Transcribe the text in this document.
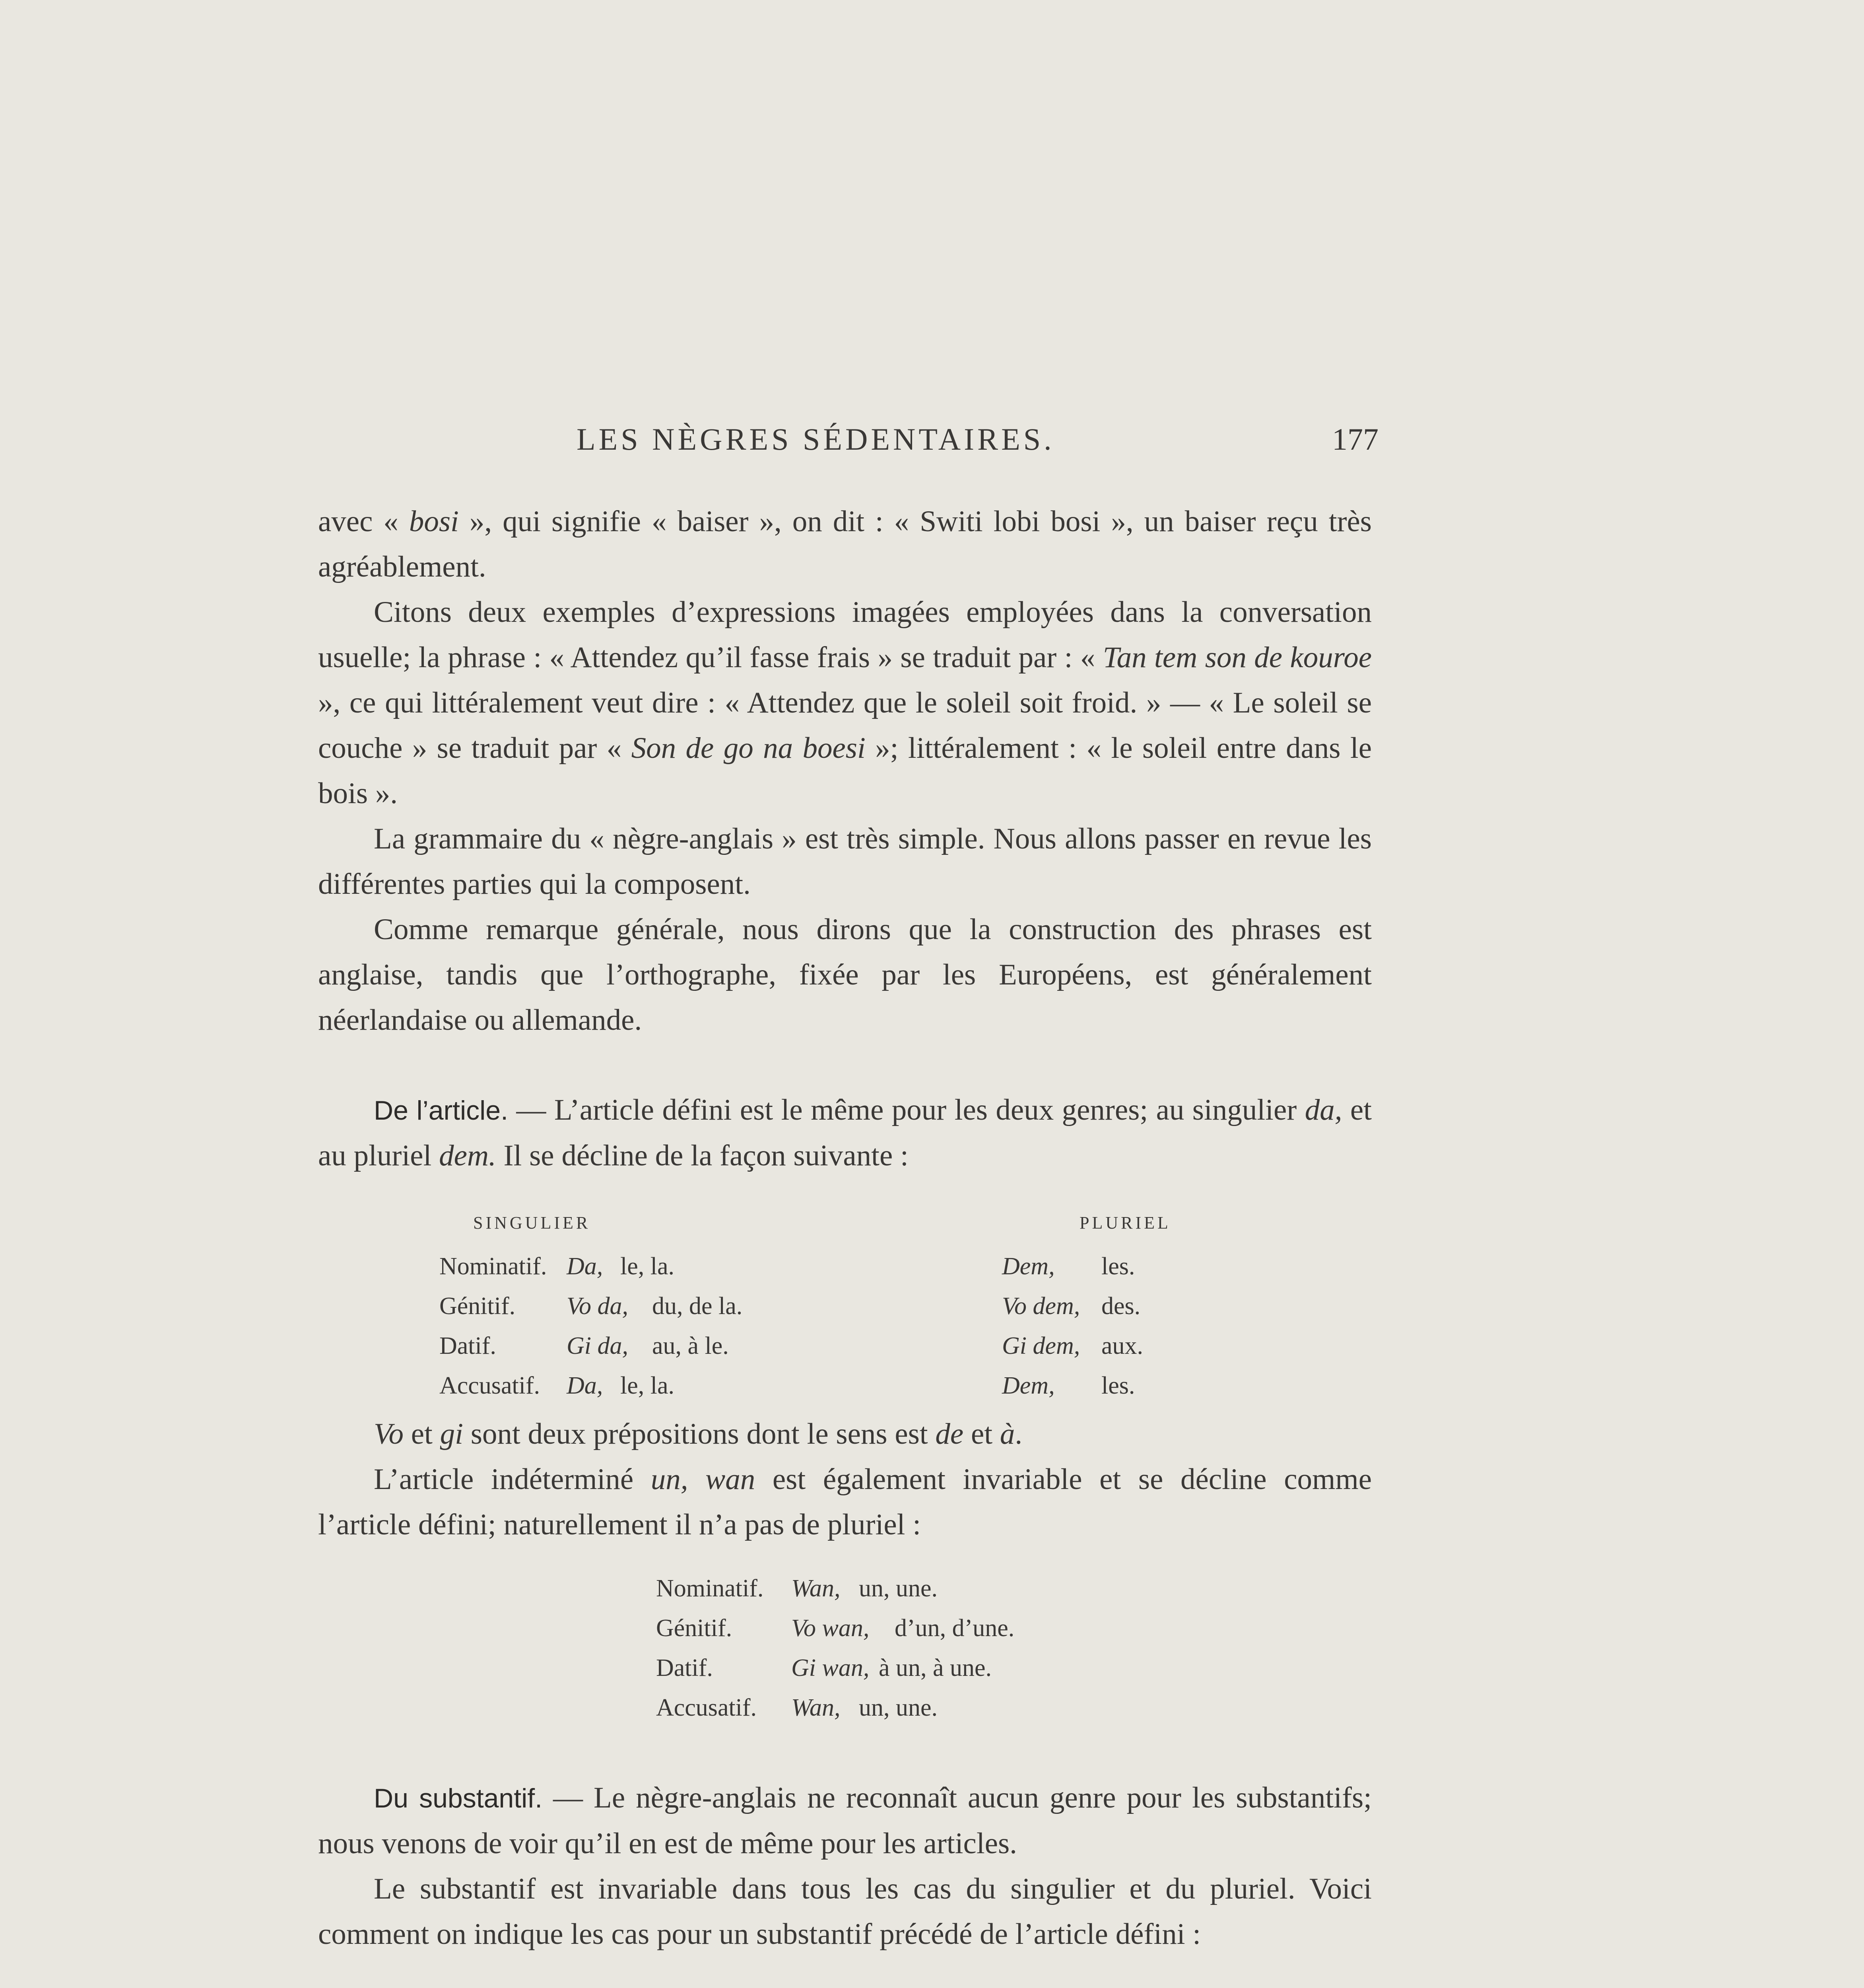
LES NÈGRES SÉDENTAIRES.	177

avec « bosi », qui signifie « baiser », on dit : « Switi lobi bosi », un baiser reçu très agréablement.

Citons deux exemples d’expressions imagées employées dans la conversation usuelle; la phrase : « Attendez qu’il fasse frais » se traduit par : « Tan tem son de kouroe », ce qui littéralement veut dire : « Attendez que le soleil soit froid. » — « Le soleil se couche » se traduit par « Son de go na boesi »; littéralement : « le soleil entre dans le bois ».

La grammaire du « nègre-anglais » est très simple. Nous allons passer en revue les différentes parties qui la composent.

Comme remarque générale, nous dirons que la construction des phrases est anglaise, tandis que l’orthographe, fixée par les Européens, est généralement néerlandaise ou allemande.

De l’article. — L’article défini est le même pour les deux genres; au singulier da, et au pluriel dem. Il se décline de la façon suivante :

SINGULIER	PLURIEL
Nominatif. Da, le, la.	Dem, les.
Génitif. Vo da, du, de la.	Vo dem, des.
Datif.	Gi da, au, à le.	Gi dem, aux.
Accusatif. Da, le, la.	Dem, les.

Vo et gi sont deux prépositions dont le sens est de et à.

L’article indéterminé un, wan est également invariable et se décline comme l’article défini; naturellement il n’a pas de pluriel :

Nominatif. Wan, un, une.
Génitif. Vo wan, d’un, d’une.
Datif.	Gi wan, à un, à une.
Accusatif. Wan, un, une.

Du substantif. — Le nègre-anglais ne reconnaît aucun genre pour les substantifs; nous venons de voir qu’il en est de même pour les articles.

Le substantif est invariable dans tous les cas du singulier et du pluriel. Voici comment on indique les cas pour un substantif précédé de l’article défini :
